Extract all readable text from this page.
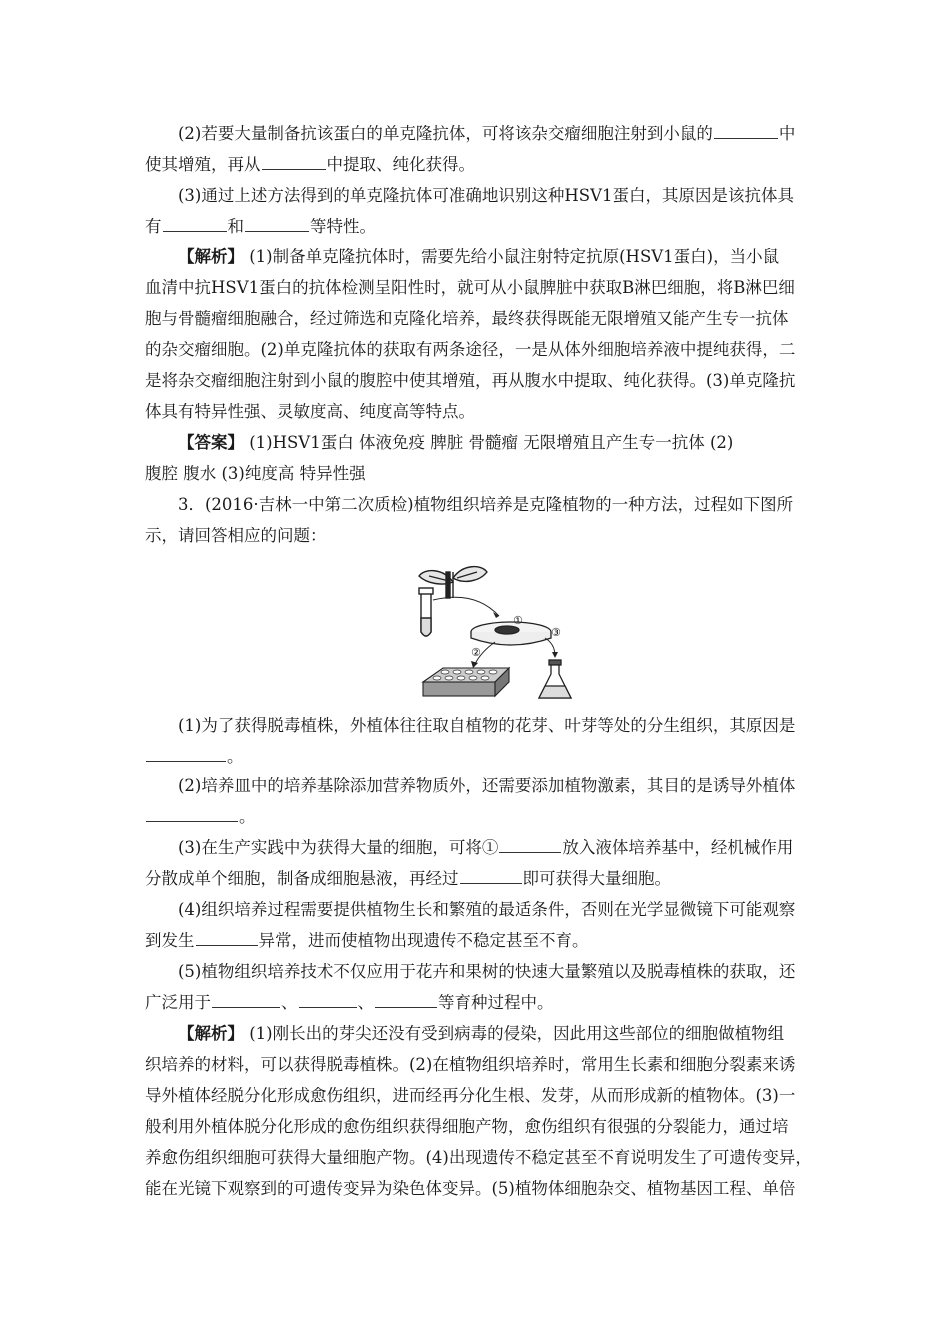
(2)若要大量制备抗该蛋白的单克隆抗体，可将该杂交瘤细胞注射到小鼠的	中
使其增殖，再从	中提取、纯化获得。
(3)通过上述方法得到的单克隆抗体可准确地识别这种HSV1蛋白，其原因是该抗体具
有	和	等特性。
【解析】 (1)制备单克隆抗体时，需要先给小鼠注射特定抗原(HSV1蛋白)，当小鼠
血清中抗HSV1蛋白的抗体检测呈阳性时，就可从小鼠脾脏中获取B淋巴细胞，将B淋巴细
胞与骨髓瘤细胞融合，经过筛选和克隆化培养，最终获得既能无限增殖又能产生专一抗体
的杂交瘤细胞。(2)单克隆抗体的获取有两条途径，一是从体外细胞培养液中提纯获得，二
是将杂交瘤细胞注射到小鼠的腹腔中使其增殖，再从腹水中提取、纯化获得。(3)单克隆抗
体具有特异性强、灵敏度高、纯度高等特点。
【答案】 (1)HSV1蛋白 体液免疫 脾脏 骨髓瘤 无限增殖且产生专一抗体 (2)
腹腔 腹水 (3)纯度高 特异性强
3．(2016·吉林一中第二次质检)植物组织培养是克隆植物的一种方法，过程如下图所
示，请回答相应的问题：
①
③
②
(1)为了获得脱毒植株，外植体往往取自植物的花芽、叶芽等处的分生组织，其原因是
。
(2)培养皿中的培养基除添加营养物质外，还需要添加植物激素，其目的是诱导外植体
。
(3)在生产实践中为获得大量的细胞，可将①	放入液体培养基中，经机械作用
分散成单个细胞，制备成细胞悬液，再经过	即可获得大量细胞。
(4)组织培养过程需要提供植物生长和繁殖的最适条件，否则在光学显微镜下可能观察
到发生	异常，进而使植物出现遗传不稳定甚至不育。
(5)植物组织培养技术不仅应用于花卉和果树的快速大量繁殖以及脱毒植株的获取，还
广泛用于	、	、	等育种过程中。
【解析】 (1)刚长出的芽尖还没有受到病毒的侵染，因此用这些部位的细胞做植物组
织培养的材料，可以获得脱毒植株。(2)在植物组织培养时，常用生长素和细胞分裂素来诱
导外植体经脱分化形成愈伤组织，进而经再分化生根、发芽，从而形成新的植物体。(3)一
般利用外植体脱分化形成的愈伤组织获得细胞产物，愈伤组织有很强的分裂能力，通过培
养愈伤组织细胞可获得大量细胞产物。(4)出现遗传不稳定甚至不育说明发生了可遗传变异，
能在光镜下观察到的可遗传变异为染色体变异。(5)植物体细胞杂交、植物基因工程、单倍
